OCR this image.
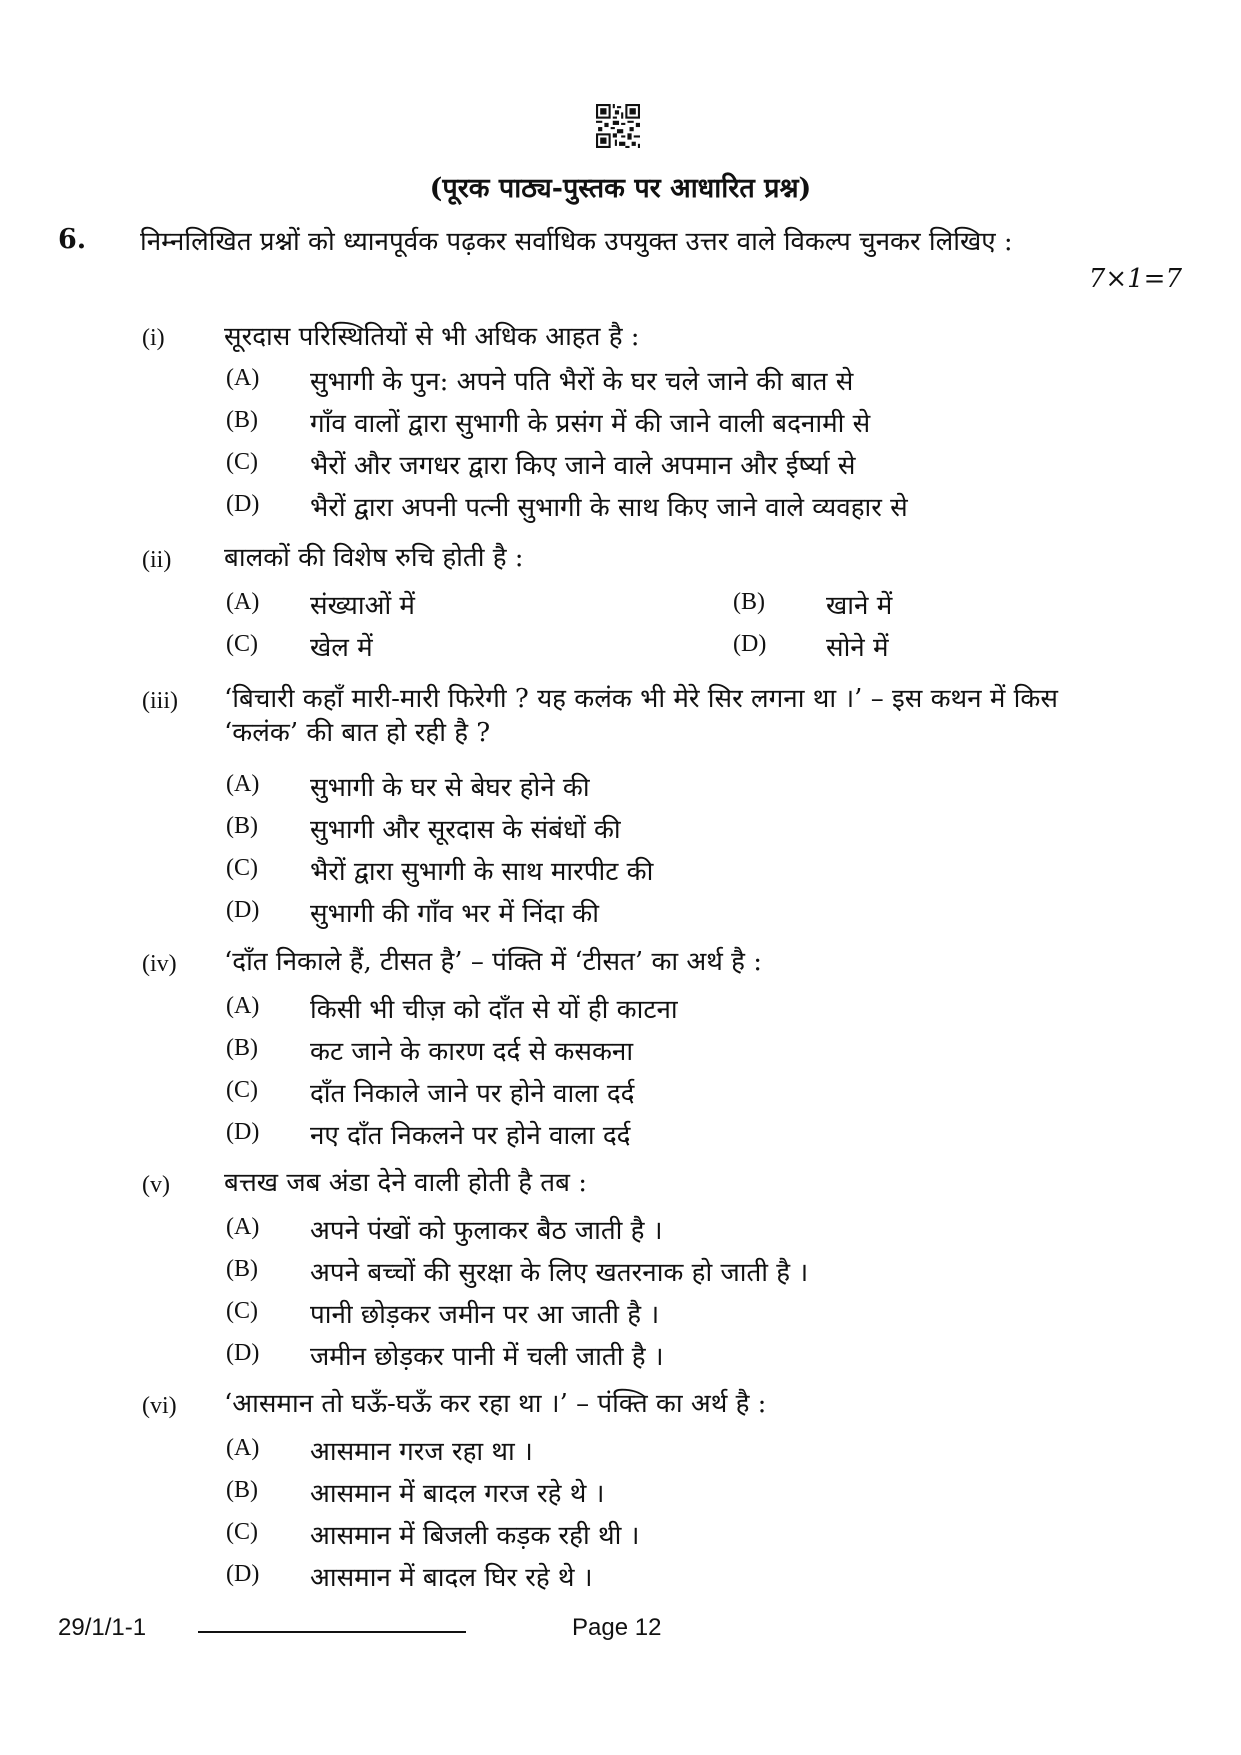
(पूरक पाठ्य-पुस्तक पर आधारित प्रश्न)
6. निम्नलिखित प्रश्नों को ध्यानपूर्वक पढ़कर सर्वाधिक उपयुक्त उत्तर वाले विकल्प चुनकर लिखिए :
7×1=7
(i) सूरदास परिस्थितियों से भी अधिक आहत है :
(A) सुभागी के पुन: अपने पति भैरों के घर चले जाने की बात से
(B) गाँव वालों द्वारा सुभागी के प्रसंग में की जाने वाली बदनामी से
(C) भैरों और जगधर द्वारा किए जाने वाले अपमान और ईर्ष्या से
(D) भैरों द्वारा अपनी पत्नी सुभागी के साथ किए जाने वाले व्यवहार से
(ii) बालकों की विशेष रुचि होती है :
(A) संख्याओं में	(B) खाने में
(C) खेल में	(D) सोने में
(iii) ‘बिचारी कहाँ मारी-मारी फिरेगी ? यह कलंक भी मेरे सिर लगना था ।’ – इस कथन में किस ‘कलंक’ की बात हो रही है ?
(A) सुभागी के घर से बेघर होने की
(B) सुभागी और सूरदास के संबंधों की
(C) भैरों द्वारा सुभागी के साथ मारपीट की
(D) सुभागी की गाँव भर में निंदा की
(iv) ‘दाँत निकाले हैं, टीसत है’ – पंक्ति में ‘टीसत’ का अर्थ है :
(A) किसी भी चीज़ को दाँत से यों ही काटना
(B) कट जाने के कारण दर्द से कसकना
(C) दाँत निकाले जाने पर होने वाला दर्द
(D) नए दाँत निकलने पर होने वाला दर्द
(v) बत्तख जब अंडा देने वाली होती है तब :
(A) अपने पंखों को फुलाकर बैठ जाती है ।
(B) अपने बच्चों की सुरक्षा के लिए खतरनाक हो जाती है ।
(C) पानी छोड़कर जमीन पर आ जाती है ।
(D) जमीन छोड़कर पानी में चली जाती है ।
(vi) ‘आसमान तो घऊँ-घऊँ कर रहा था ।’ – पंक्ति का अर्थ है :
(A) आसमान गरज रहा था ।
(B) आसमान में बादल गरज रहे थे ।
(C) आसमान में बिजली कड़क रही थी ।
(D) आसमान में बादल घिर रहे थे ।
29/1/1-1	Page 12
